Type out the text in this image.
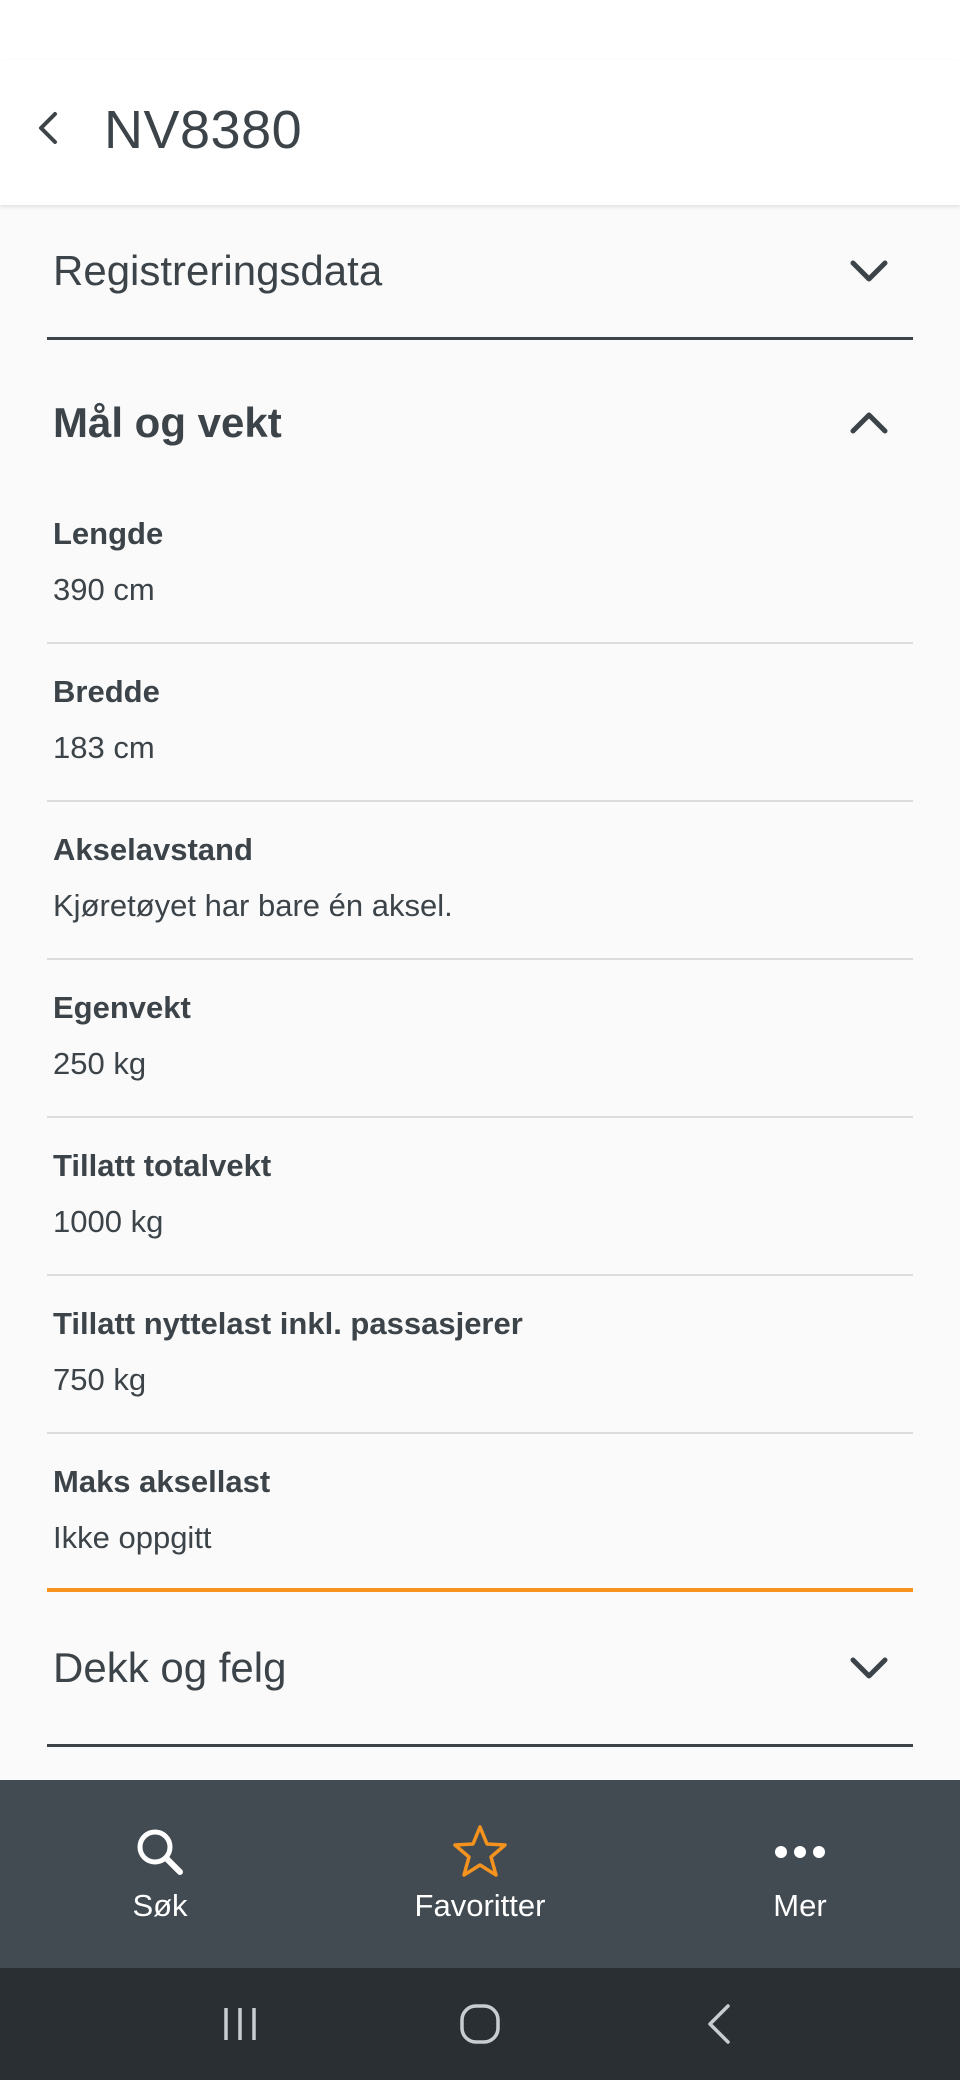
NV8380
Registreringsdata
Mål og vekt
Lengde
390 cm
Bredde
183 cm
Akselavstand
Kjøretøyet har bare én aksel.
Egenvekt
250 kg
Tillatt totalvekt
1000 kg
Tillatt nyttelast inkl. passasjerer
750 kg
Maks aksellast
Ikke oppgitt
Dekk og felg
Søk	Favoritter	Mer
